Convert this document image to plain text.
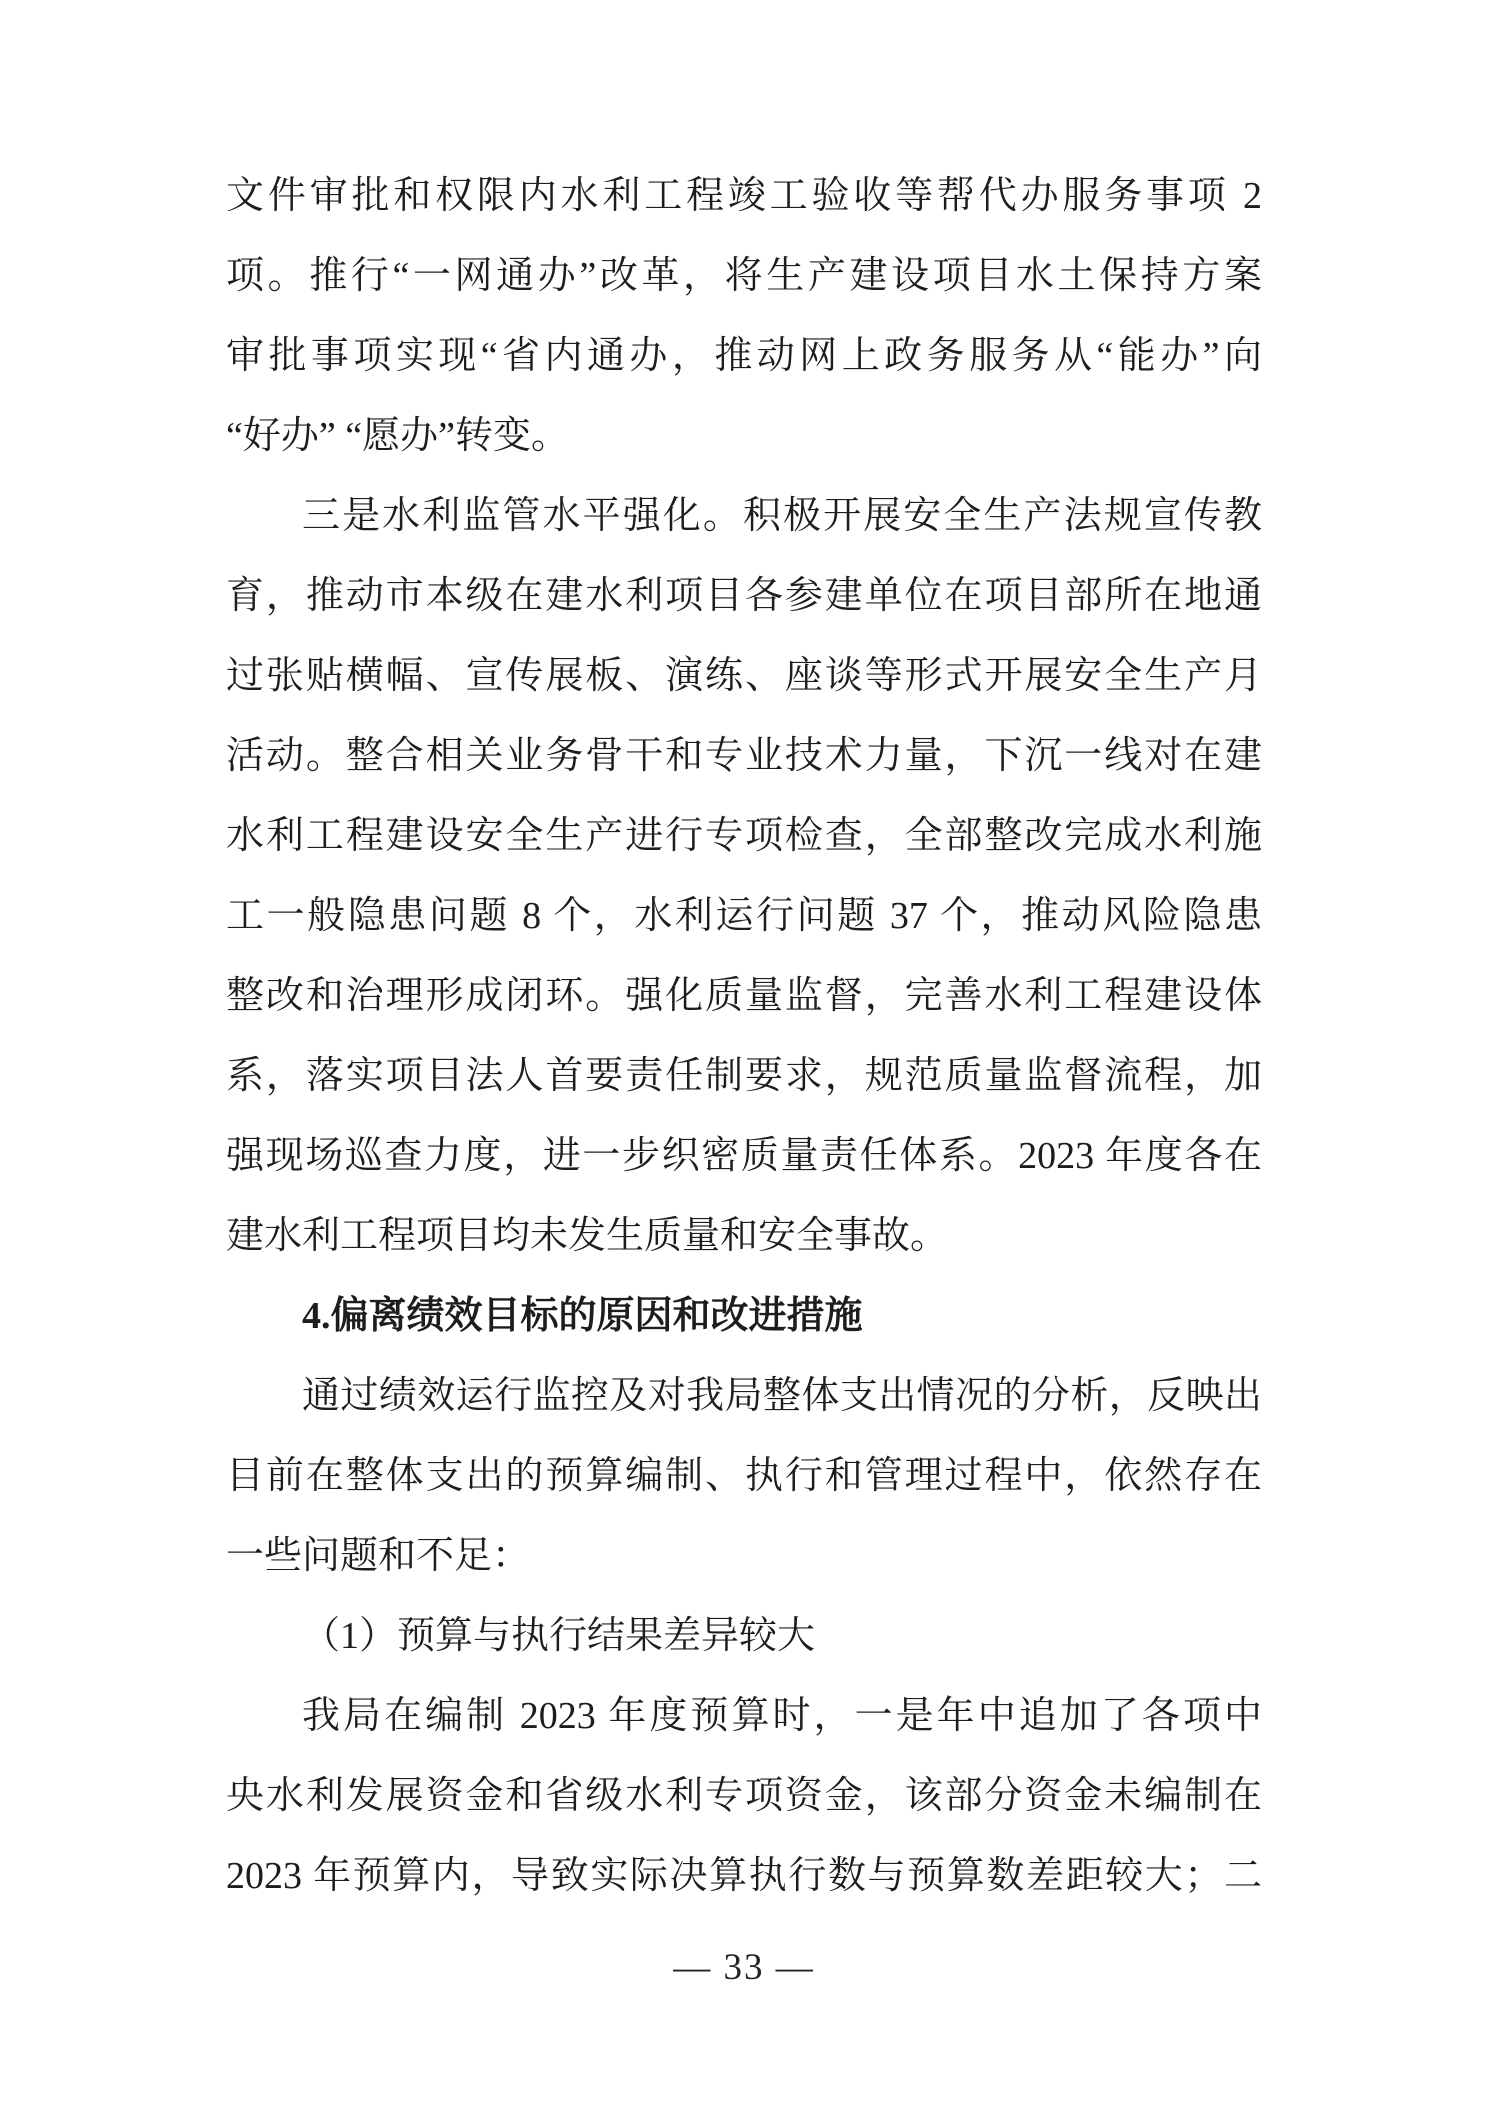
文件审批和权限内水利工程竣工验收等帮代办服务事项 2
项。推行“一网通办”改革，将生产建设项目水土保持方案
审批事项实现“省内通办，推动网上政务服务从“能办”向
“好办” “愿办”转变。
三是水利监管水平强化。积极开展安全生产法规宣传教
育，推动市本级在建水利项目各参建单位在项目部所在地通
过张贴横幅、宣传展板、演练、座谈等形式开展安全生产月
活动。整合相关业务骨干和专业技术力量，下沉一线对在建
水利工程建设安全生产进行专项检查，全部整改完成水利施
工一般隐患问题 8 个，水利运行问题 37 个，推动风险隐患
整改和治理形成闭环。强化质量监督，完善水利工程建设体
系，落实项目法人首要责任制要求，规范质量监督流程，加
强现场巡查力度，进一步织密质量责任体系。2023 年度各在
建水利工程项目均未发生质量和安全事故。
4.偏离绩效目标的原因和改进措施
通过绩效运行监控及对我局整体支出情况的分析，反映出
目前在整体支出的预算编制、执行和管理过程中，依然存在
一些问题和不足：
（1）预算与执行结果差异较大
我局在编制 2023 年度预算时，一是年中追加了各项中
央水利发展资金和省级水利专项资金，该部分资金未编制在
2023 年预算内，导致实际决算执行数与预算数差距较大；二
— 33 —
